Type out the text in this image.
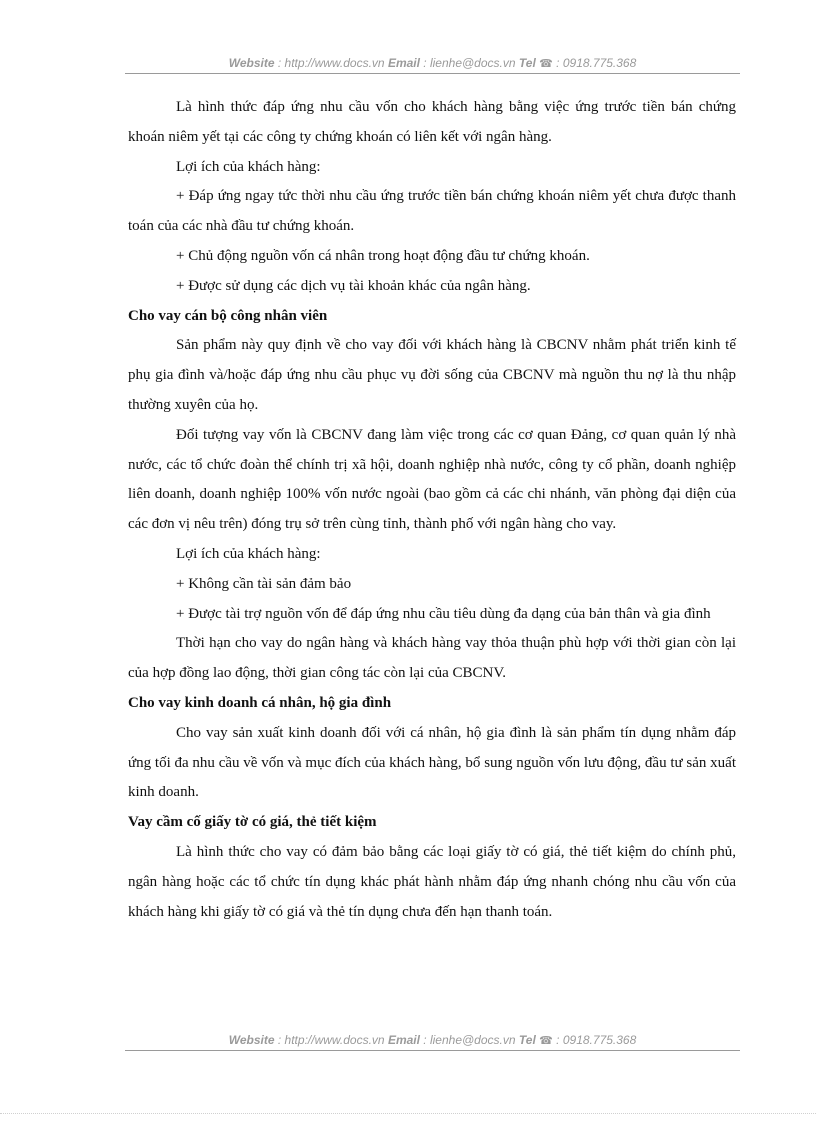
Website : http://www.docs.vn Email : lienhe@docs.vn Tel ☎ : 0918.775.368

Là hình thức đáp ứng nhu cầu vốn cho khách hàng bằng việc ứng trước tiền bán chứng khoán niêm yết tại các công ty chứng khoán có liên kết với ngân hàng.

Lợi ích của khách hàng:

+ Đáp ứng ngay tức thời nhu cầu ứng trước tiền bán chứng khoán niêm yết chưa được thanh toán của các nhà đầu tư chứng khoán.

+ Chủ động nguồn vốn cá nhân trong hoạt động đầu tư chứng khoán.

+ Được sử dụng các dịch vụ tài khoản khác của ngân hàng.

Cho vay cán bộ công nhân viên

Sản phẩm này quy định về cho vay đối với khách hàng là CBCNV nhằm phát triển kinh tế phụ gia đình và/hoặc đáp ứng nhu cầu phục vụ đời sống của CBCNV mà nguồn thu nợ là thu nhập thường xuyên của họ.

Đối tượng vay vốn là CBCNV đang làm việc trong các cơ quan Đảng, cơ quan quản lý nhà nước, các tổ chức đoàn thể chính trị xã hội, doanh nghiệp nhà nước, công ty cổ phần, doanh nghiệp liên doanh, doanh nghiệp 100% vốn nước ngoài (bao gồm cả các chi nhánh, văn phòng đại diện của các đơn vị nêu trên) đóng trụ sở trên cùng tỉnh, thành phố với ngân hàng cho vay.

Lợi ích của khách hàng:

+ Không cần tài sản đảm bảo

+ Được tài trợ nguồn vốn để đáp ứng nhu cầu tiêu dùng đa dạng của bản thân và gia đình

Thời hạn cho vay do ngân hàng và khách hàng vay thỏa thuận phù hợp với thời gian còn lại của hợp đồng lao động, thời gian công tác còn lại của CBCNV.

Cho vay kinh doanh cá nhân, hộ gia đình

Cho vay sản xuất kinh doanh đối với cá nhân, hộ gia đình là sản phẩm tín dụng nhằm đáp ứng tối đa nhu cầu về vốn và mục đích của khách hàng, bổ sung nguồn vốn lưu động, đầu tư sản xuất kinh doanh.

Vay cầm cố giấy tờ có giá, thẻ tiết kiệm

Là hình thức cho vay có đảm bảo bằng các loại giấy tờ có giá, thẻ tiết kiệm do chính phủ, ngân hàng hoặc các tổ chức tín dụng khác phát hành nhằm đáp ứng nhanh chóng nhu cầu vốn của khách hàng khi giấy tờ có giá và thẻ tín dụng chưa đến hạn thanh toán.

Website : http://www.docs.vn Email : lienhe@docs.vn Tel ☎ : 0918.775.368
